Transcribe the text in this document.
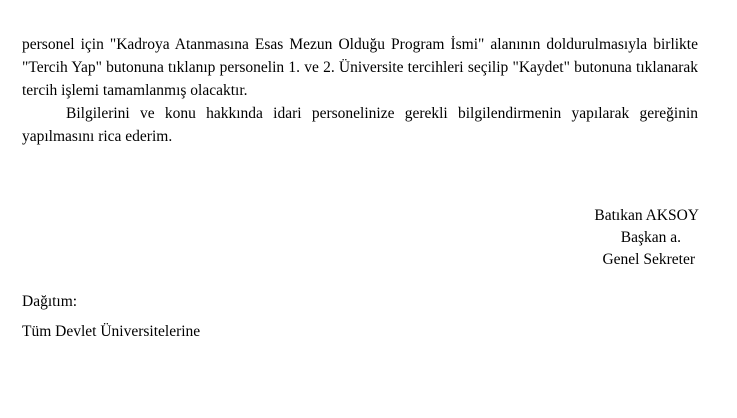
personel için "Kadroya Atanmasına Esas Mezun Olduğu Program İsmi" alanının doldurulmasıyla birlikte "Tercih Yap" butonuna tıklanıp personelin 1. ve 2. Üniversite tercihleri seçilip "Kaydet" butonuna tıklanarak tercih işlemi tamamlanmış olacaktır.

Bilgilerini ve konu hakkında idari personelinize gerekli bilgilendirmenin yapılarak gereğinin yapılmasını rica ederim.

Batıkan AKSOY
Başkan a.
Genel Sekreter
Dağıtım:
Tüm Devlet Üniversitelerine
